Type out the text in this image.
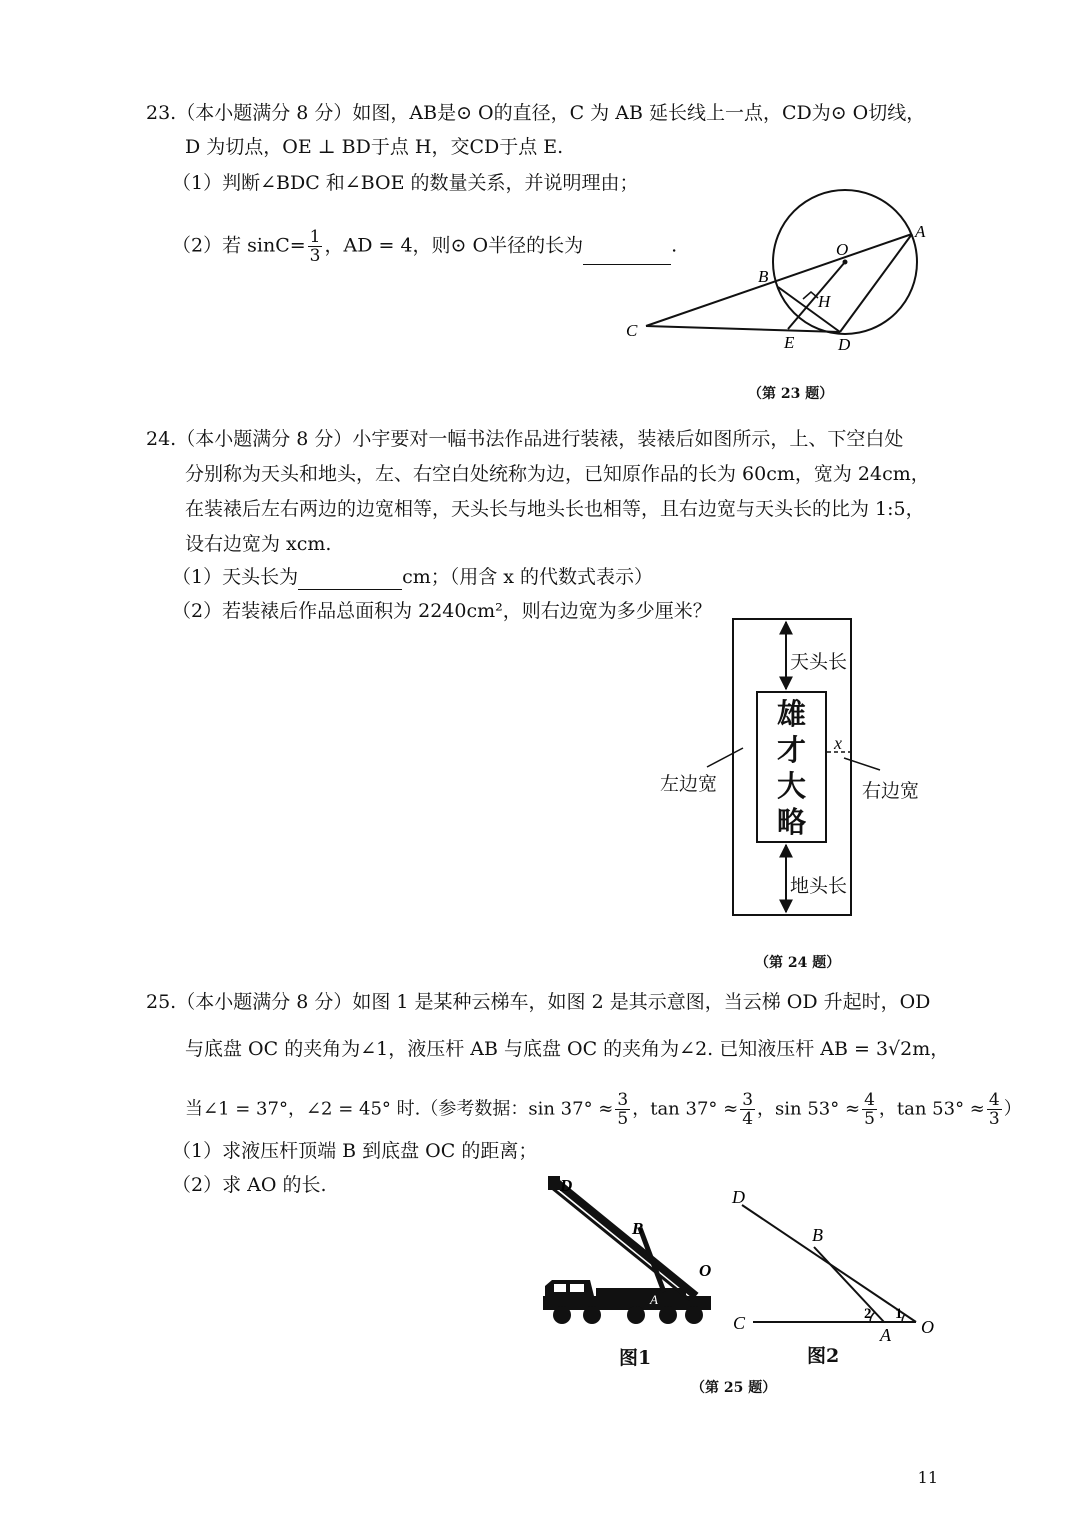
23.（本小题满分 8 分）如图，AB是⊙ O的直径，C 为 AB 延长线上一点，CD为⊙ O切线，
D 为切点，OE ⊥ BD于点 H，交CD于点 E.
（1）判断∠BDC 和∠BOE 的数量关系，并说明理由；
（2）若 $\sin C= \frac{1}{3}$ ，AD = 4，则⊙ O半径的长为	.	O
A
B
H
C
E	D
（第 23 题）
24.（本小题满分 8 分）小宇要对一幅书法作品进行装裱，装裱后如图所示，上、下空白处
分别称为天头和地头，左、右空白处统称为边，已知原作品的长为 60cm，宽为 24cm，
在装裱后左右两边的边宽相等，天头长与地头长也相等，且右边宽与天头长的比为 1:5，
设右边宽为 xcm.
（1）天头长为	cm；（用含 x 的代数式表示）
（2）若装裱后作品总面积为 2240cm²，则右边宽为多少厘米？
天头长
地头长
左边宽	右边宽
x
雄
才
大
略
（第 24 题）
25.（本小题满分 8 分）如图 1 是某种云梯车，如图 2 是其示意图，当云梯 OD 升起时，OD
与底盘 OC 的夹角为∠1，液压杆 AB 与底盘 OC 的夹角为∠2. 已知液压杆 AB = 3√2m，
当∠1 = 37°，∠2 = 45° 时.（参考数据：$\sin 37^\circ \approx \frac{3}{5}$ ，$\tan 37^\circ \approx \frac{3}{4}$ ，$\sin 53^\circ \approx \frac{4}{5}$ ，$\tan 53^\circ \approx \frac{4}{3}$ ）
（1）求液压杆顶端 B 到底盘 OC 的距离；
（2）求 AO 的长.	D
B
O
A
图1
D
B
C
A O
2 1
图2
（第 25 题）
11
